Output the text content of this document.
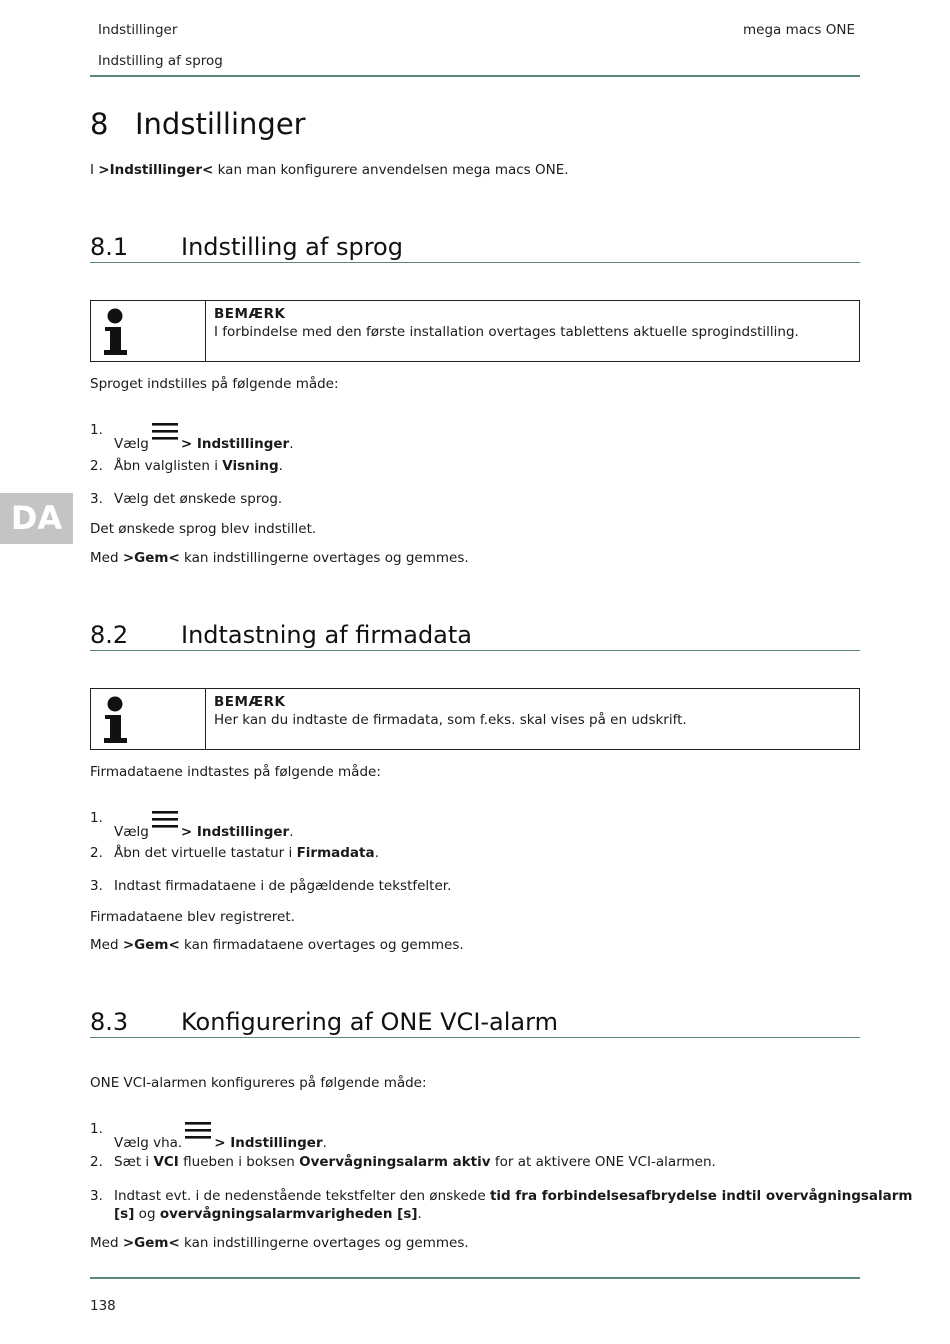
Indstillinger
Indstilling af sprog
mega macs ONE
DA
8 Indstillinger
I >Indstillinger< kan man konfigurere anvendelsen mega macs ONE.
8.1 Indstilling af sprog
BEMÆRK
I forbindelse med den første installation overtages tablettens aktuelle sprogindstilling.
Sproget indstilles på følgende måde:
1.
Vælg > Indstillinger.
2. Åbn valglisten i Visning.
3. Vælg det ønskede sprog.
Det ønskede sprog blev indstillet.
Med >Gem< kan indstillingerne overtages og gemmes.
8.2 Indtastning af firmadata
BEMÆRK
Her kan du indtaste de firmadata, som f.eks. skal vises på en udskrift.
Firmadataene indtastes på følgende måde:
1.
Vælg > Indstillinger.
2. Åbn det virtuelle tastatur i Firmadata.
3. Indtast firmadataene i de pågældende tekstfelter.
Firmadataene blev registreret.
Med >Gem< kan firmadataene overtages og gemmes.
8.3 Konfigurering af ONE VCI-alarm
ONE VCI-alarmen konfigureres på følgende måde:
1.
Vælg vha. > Indstillinger.
2. Sæt i VCI flueben i boksen Overvågningsalarm aktiv for at aktivere ONE VCI-alarmen.
3. Indtast evt. i de nedenstående tekstfelter den ønskede tid fra forbindelsesafbrydelse indtil overvågningsalarm
[s] og overvågningsalarmvarigheden [s].
Med >Gem< kan indstillingerne overtages og gemmes.
138
